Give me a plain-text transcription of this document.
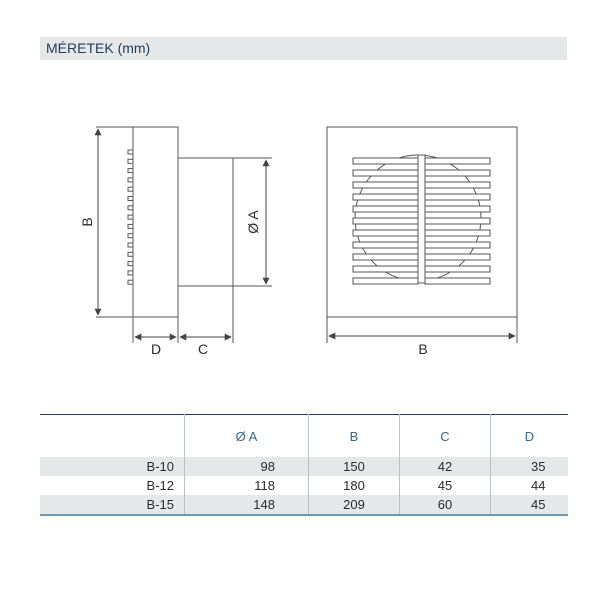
MÉRETEK (mm)
B	Ø A
D	C	B
	Ø A	B	C	D
B-10	98	150	42	35
B-12	118	180	45	44
B-15	148	209	60	45
